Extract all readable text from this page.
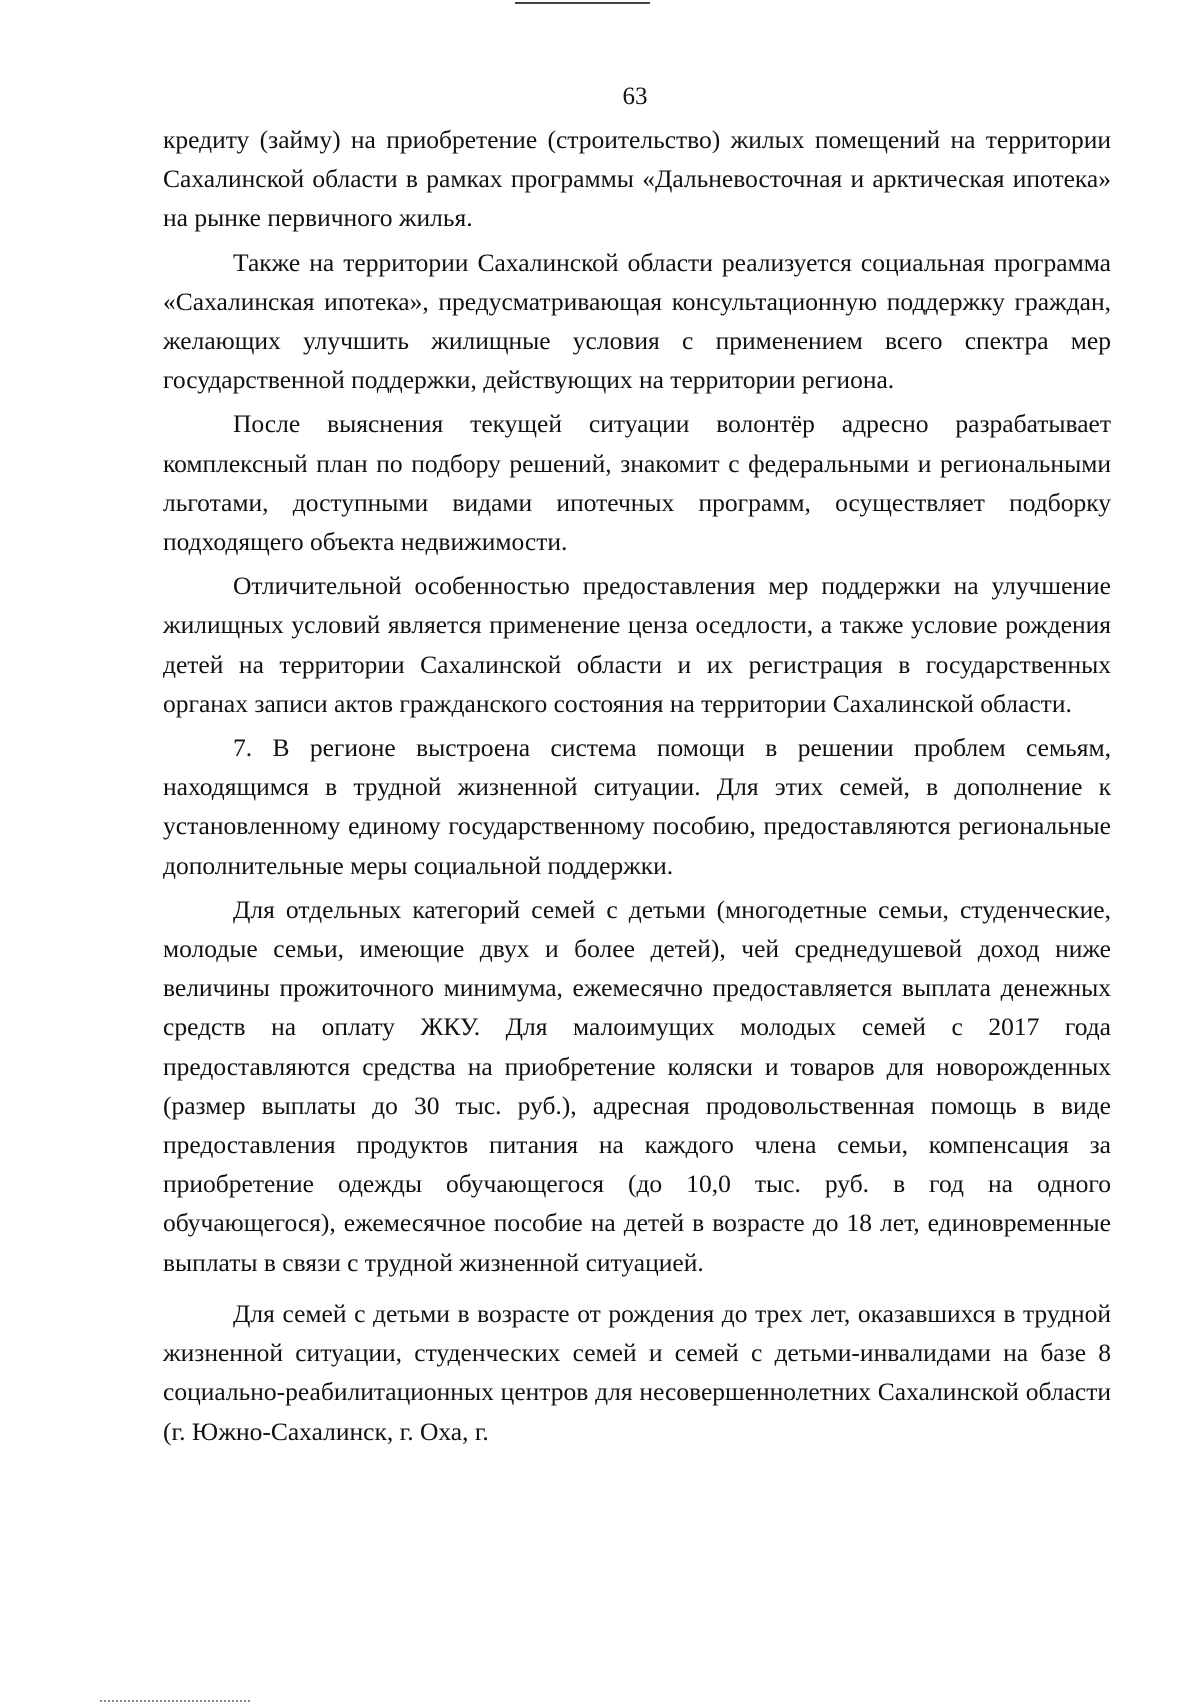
63

кредиту (займу) на приобретение (строительство) жилых помещений на территории Сахалинской области в рамках программы «Дальневосточная и арктическая ипотека» на рынке первичного жилья.

Также на территории Сахалинской области реализуется социальная программа «Сахалинская ипотека», предусматривающая консультационную поддержку граждан, желающих улучшить жилищные условия с применением всего спектра мер государственной поддержки, действующих на территории региона.

После выяснения текущей ситуации волонтёр адресно разрабатывает комплексный план по подбору решений, знакомит с федеральными и региональными льготами, доступными видами ипотечных программ, осуществляет подборку подходящего объекта недвижимости.

Отличительной особенностью предоставления мер поддержки на улучшение жилищных условий является применение ценза оседлости, а также условие рождения детей на территории Сахалинской области и их регистрация в государственных органах записи актов гражданского состояния на территории Сахалинской области.

7. В регионе выстроена система помощи в решении проблем семьям, находящимся в трудной жизненной ситуации. Для этих семей, в дополнение к установленному единому государственному пособию, предоставляются региональные дополнительные меры социальной поддержки.

Для отдельных категорий семей с детьми (многодетные семьи, студенческие, молодые семьи, имеющие двух и более детей), чей среднедушевой доход ниже величины прожиточного минимума, ежемесячно предоставляется выплата денежных средств на оплату ЖКУ. Для малоимущих молодых семей с 2017 года предоставляются средства на приобретение коляски и товаров для новорожденных (размер выплаты до 30 тыс. руб.), адресная продовольственная помощь в виде предоставления продуктов питания на каждого члена семьи, компенсация за приобретение одежды обучающегося (до 10,0 тыс. руб. в год на одного обучающегося), ежемесячное пособие на детей в возрасте до 18 лет, единовременные выплаты в связи с трудной жизненной ситуацией.

Для семей с детьми в возрасте от рождения до трех лет, оказавшихся в трудной жизненной ситуации, студенческих семей и семей с детьми-инвалидами на базе 8 социально-реабилитационных центров для несовершеннолетних Сахалинской области (г. Южно-Сахалинск, г. Оха, г.
